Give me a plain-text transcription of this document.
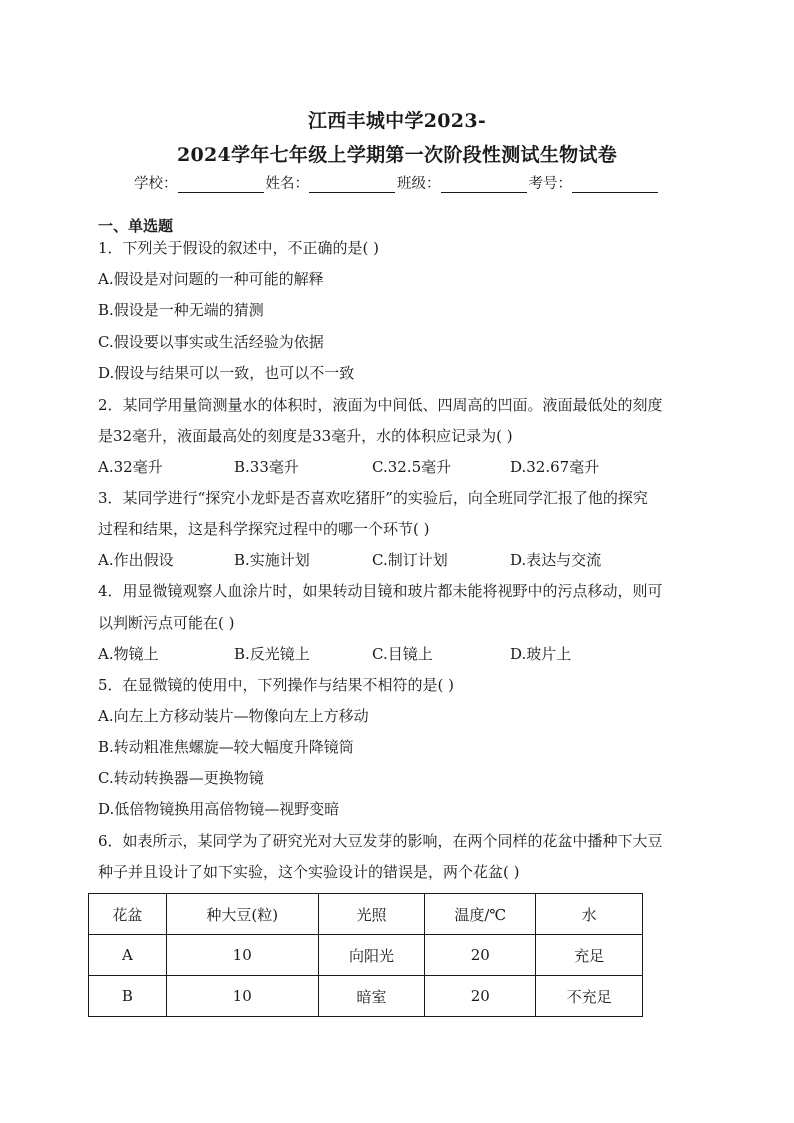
江西丰城中学2023-
2024学年七年级上学期第一次阶段性测试生物试卷
学校：	姓名：	班级：	考号：
一、单选题
1．下列关于假设的叙述中，不正确的是( )
A.假设是对问题的一种可能的解释
B.假设是一种无端的猜测
C.假设要以事实或生活经验为依据
D.假设与结果可以一致，也可以不一致
2．某同学用量筒测量水的体积时，液面为中间低、四周高的凹面。液面最低处的刻度
是32毫升，液面最高处的刻度是33毫升，水的体积应记录为( )
A.32毫升	B.33毫升	C.32.5毫升	D.32.67毫升
3．某同学进行“探究小龙虾是否喜欢吃猪肝”的实验后，向全班同学汇报了他的探究
过程和结果，这是科学探究过程中的哪一个环节( )
A.作出假设	B.实施计划	C.制订计划	D.表达与交流
4．用显微镜观察人血涂片时，如果转动目镜和玻片都未能将视野中的污点移动，则可
以判断污点可能在( )
A.物镜上	B.反光镜上	C.目镜上	D.玻片上
5．在显微镜的使用中，下列操作与结果不相符的是( )
A.向左上方移动装片—物像向左上方移动
B.转动粗准焦螺旋—较大幅度升降镜筒
C.转动转换器—更换物镜
D.低倍物镜换用高倍物镜—视野变暗
6．如表所示，某同学为了研究光对大豆发芽的影响，在两个同样的花盆中播种下大豆
种子并且设计了如下实验，这个实验设计的错误是，两个花盆( )
花盆	种大豆(粒)	光照	温度/℃	水
A	10	向阳光	20	充足
B	10	暗室	20	不充足
